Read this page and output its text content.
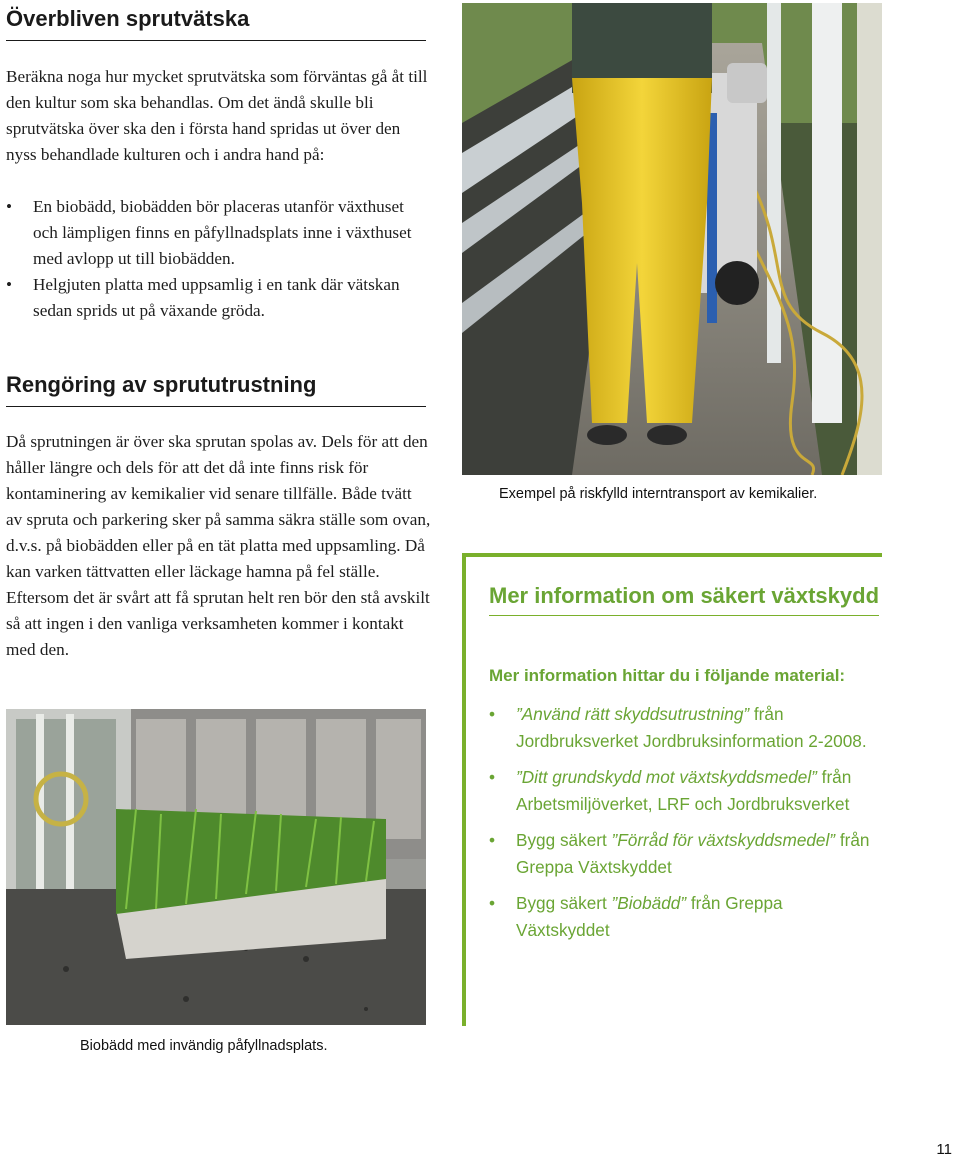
Överbliven sprutvätska

Beräkna noga hur mycket sprutvätska som förväntas gå åt till den kultur som ska behandlas. Om det ändå skulle bli sprutvätska över ska den i första hand spridas ut över den nyss behandlade kulturen och i andra hand på:

• En biobädd, biobädden bör placeras utanför växthuset och lämpligen finns en påfyllnadsplats inne i växthuset med avlopp ut till biobädden.
• Helgjuten platta med uppsamlig i en tank där vätskan sedan sprids ut på växande gröda.
Rengöring av sprututrustning

Då sprutningen är över ska sprutan spolas av. Dels för att den håller längre och dels för att det då inte finns risk för kontaminering av kemikalier vid senare tillfälle. Både tvätt av spruta och parkering sker på samma säkra ställe som ovan, d.v.s. på biobädden eller på en tät platta med uppsamling. Då kan varken tättvatten eller läckage hamna på fel ställe. Eftersom det är svårt att få sprutan helt ren bör den stå avskilt så att ingen i den vanliga verksamheten kommer i kontakt med den.

Exempel på riskfylld interntransport av kemikalier.
Biobädd med invändig påfyllnadsplats.
Mer information om säkert växtskydd
Mer information hittar du i följande material:
• ”Använd rätt skyddsutrustning” från Jordbruksverket Jordbruksinformation 2-2008.
• ”Ditt grundskydd mot växtskyddsmedel” från Arbetsmiljöverket, LRF och Jordbruksverket
• Bygg säkert ”Förråd för växtskyddsmedel” från Greppa Växtskyddet
• Bygg säkert ”Biobädd” från Greppa Växtskyddet
11
